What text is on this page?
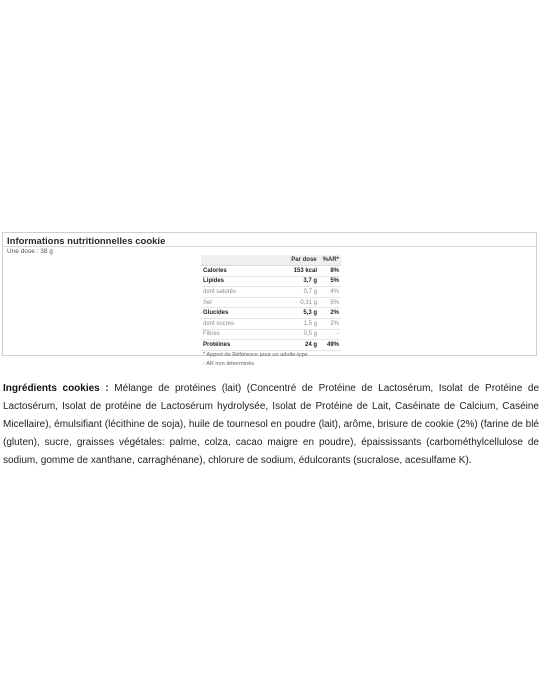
Informations nutritionnelles cookie
Une dose : 38 g
Par dose %AR*
Calories	153 kcal	8%
Lipides	3,7 g	5%
dont saturés	0,7 g	4%
Sel	0,31 g	5%
Glucides	5,3 g	2%
dont sucres	1,5 g	2%
Fibres	0,5 g	-
Protéines	24 g	49%
* Apport de Référence pour un adulte-type
- AR non déterminés
Ingrédients cookies : Mélange de protéines (lait) (Concentré de Protéine de Lactosérum, Isolat de Protéine de Lactosérum, Isolat de protéine de Lactosérum hydrolysée, Isolat de Protéine de Lait, Caséinate de Calcium, Caséine Micellaire), émulsifiant (lécithine de soja), huile de tournesol en poudre (lait), arôme, brisure de cookie (2%) (farine de blé (gluten), sucre, graisses végétales: palme, colza, cacao maigre en poudre), épaississants (carbométhylcellulose de sodium, gomme de xanthane, carraghénane), chlorure de sodium, édulcorants (sucralose, acesulfame K).
